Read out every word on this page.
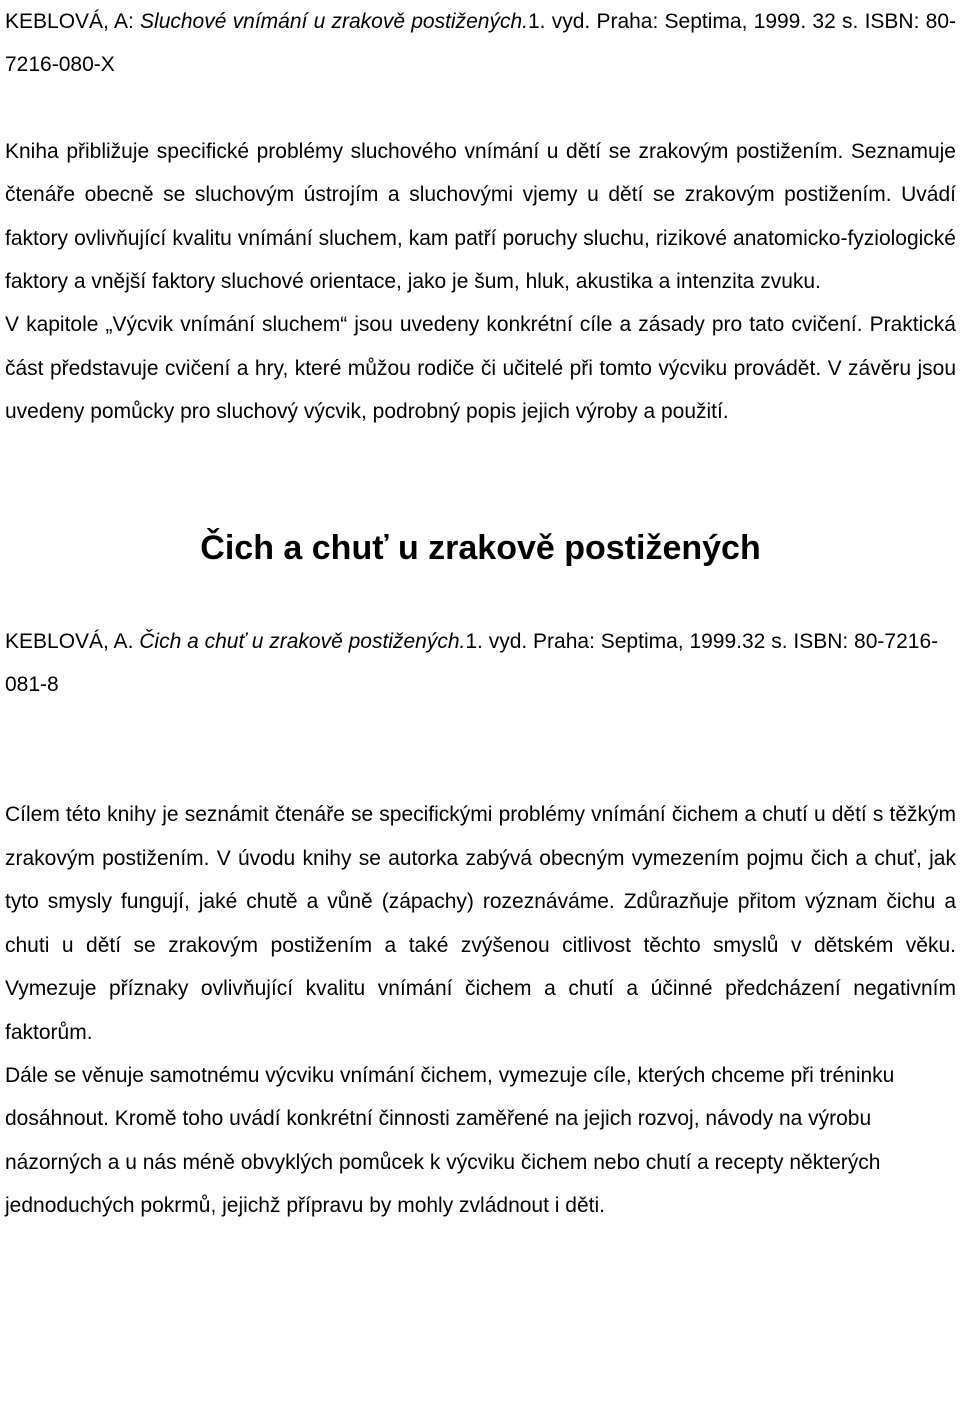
KEBLOVÁ, A: Sluchové vnímání u zrakově postižených.1. vyd. Praha: Septima, 1999. 32 s. ISBN: 80-7216-080-X

Kniha přibližuje specifické problémy sluchového vnímání u dětí se zrakovým postižením. Seznamuje čtenáře obecně se sluchovým ústrojím a sluchovými vjemy u dětí se zrakovým postižením. Uvádí faktory ovlivňující kvalitu vnímání sluchem, kam patří poruchy sluchu, rizikové anatomicko-fyziologické faktory a vnější faktory sluchové orientace, jako je šum, hluk, akustika a intenzita zvuku.

V kapitole „Výcvik vnímání sluchem“ jsou uvedeny konkrétní cíle a zásady pro tato cvičení. Praktická část představuje cvičení a hry, které můžou rodiče či učitelé při tomto výcviku provádět. V závěru jsou uvedeny pomůcky pro sluchový výcvik, podrobný popis jejich výroby a použití.

Čich a chuť u zrakově postižených

KEBLOVÁ, A. Čich a chuť u zrakově postižených.1. vyd. Praha: Septima, 1999.32 s. ISBN: 80-7216-081-8

Cílem této knihy je seznámit čtenáře se specifickými problémy vnímání čichem a chutí u dětí s těžkým zrakovým postižením. V úvodu knihy se autorka zabývá obecným vymezením pojmu čich a chuť, jak tyto smysly fungují, jaké chutě a vůně (zápachy) rozeznáváme. Zdůrazňuje přitom význam čichu a chuti u dětí se zrakovým postižením a také zvýšenou citlivost těchto smyslů v dětském věku. Vymezuje příznaky ovlivňující kvalitu vnímání čichem a chutí a účinné předcházení negativním faktorům.

Dále se věnuje samotnému výcviku vnímání čichem, vymezuje cíle, kterých chceme při tréninku dosáhnout. Kromě toho uvádí konkrétní činnosti zaměřené na jejich rozvoj, návody na výrobu názorných a u nás méně obvyklých pomůcek k výcviku čichem nebo chutí a recepty některých jednoduchých pokrmů, jejichž přípravu by mohly zvládnout i děti.
